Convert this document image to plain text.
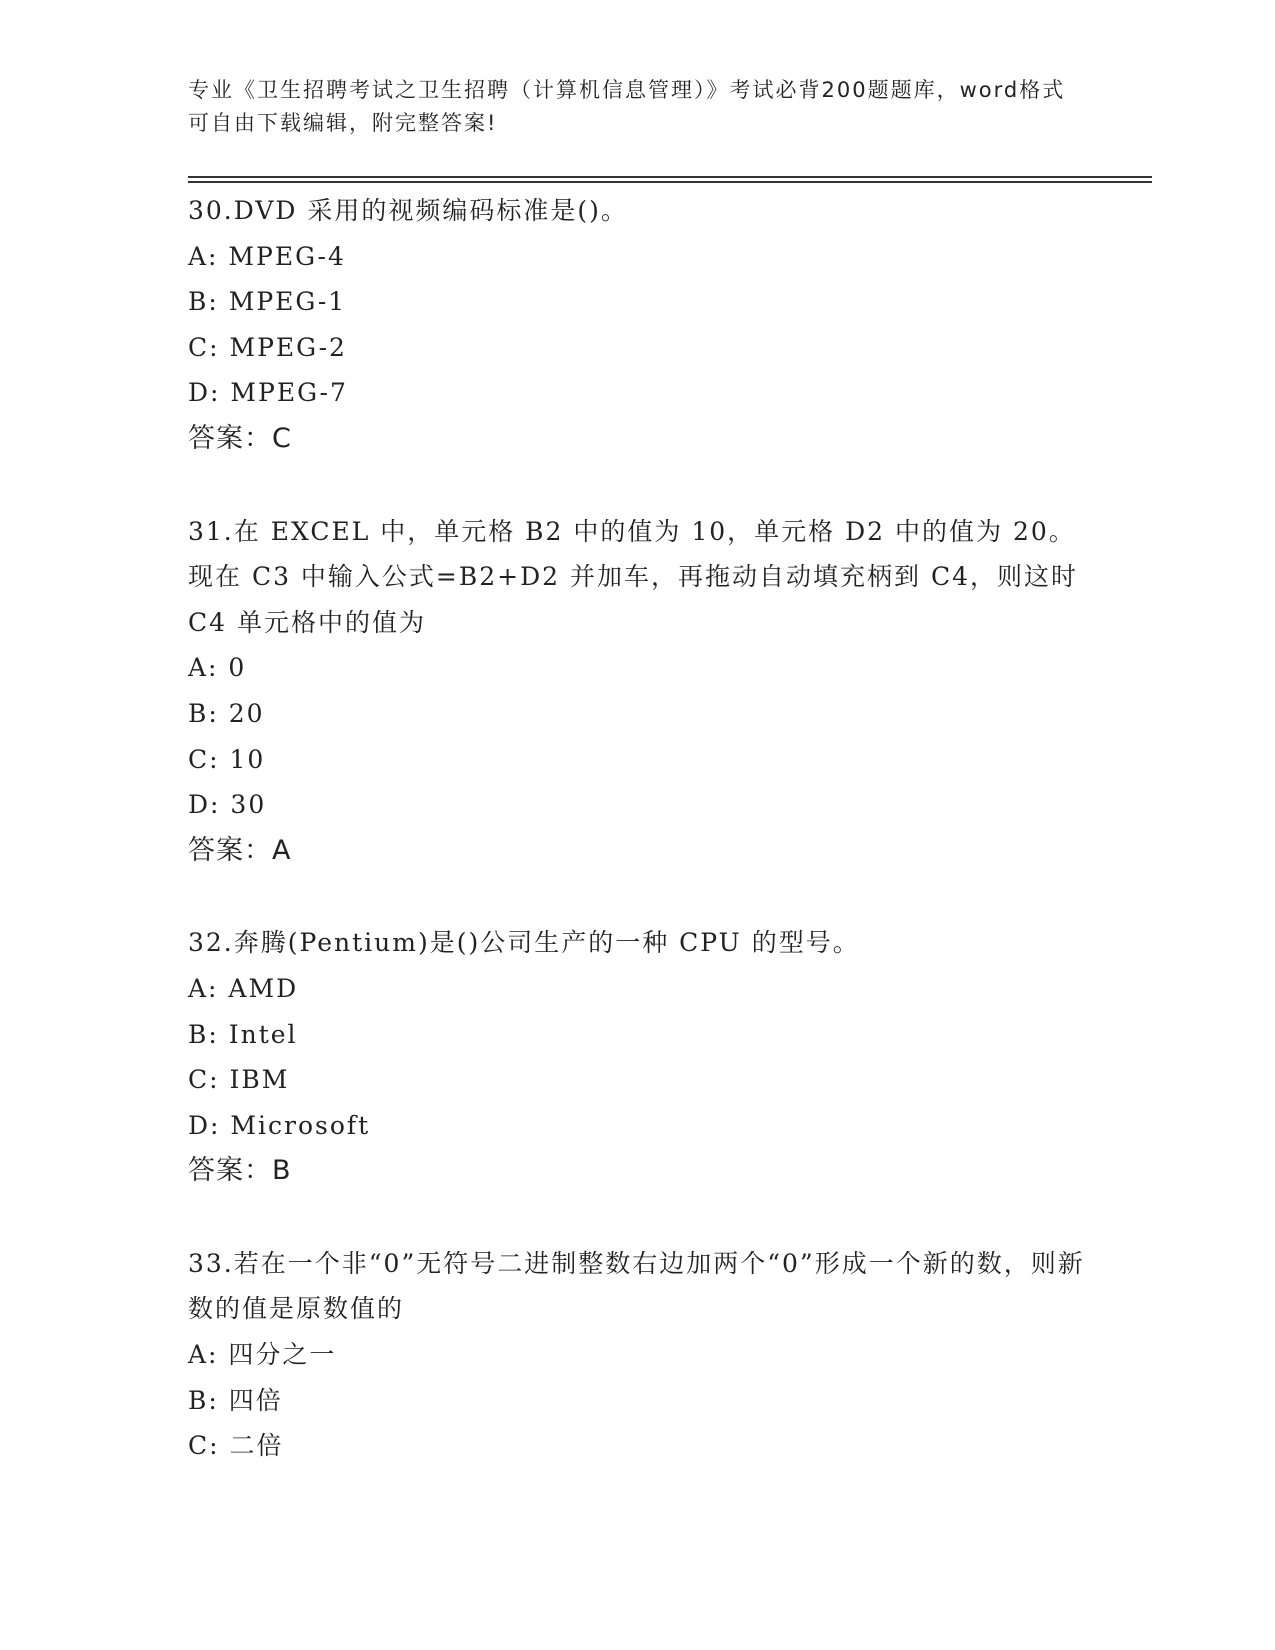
专业《卫生招聘考试之卫生招聘（计算机信息管理）》考试必背200题题库，word格式可自由下载编辑，附完整答案!
30.DVD 采用的视频编码标准是()。
A: MPEG-4
B: MPEG-1
C: MPEG-2
D: MPEG-7
答案：C
31.在 EXCEL 中，单元格 B2 中的值为 10，单元格 D2 中的值为 20。现在 C3 中输入公式=B2+D2 并加车，再拖动自动填充柄到 C4，则这时 C4 单元格中的值为
A: 0
B: 20
C: 10
D: 30
答案：A
32.奔腾(Pentium)是()公司生产的一种 CPU 的型号。
A: AMD
B: Intel
C: IBM
D: Microsoft
答案：B
33.若在一个非“0”无符号二进制整数右边加两个“0”形成一个新的数，则新数的值是原数值的
A: 四分之一
B: 四倍
C: 二倍
